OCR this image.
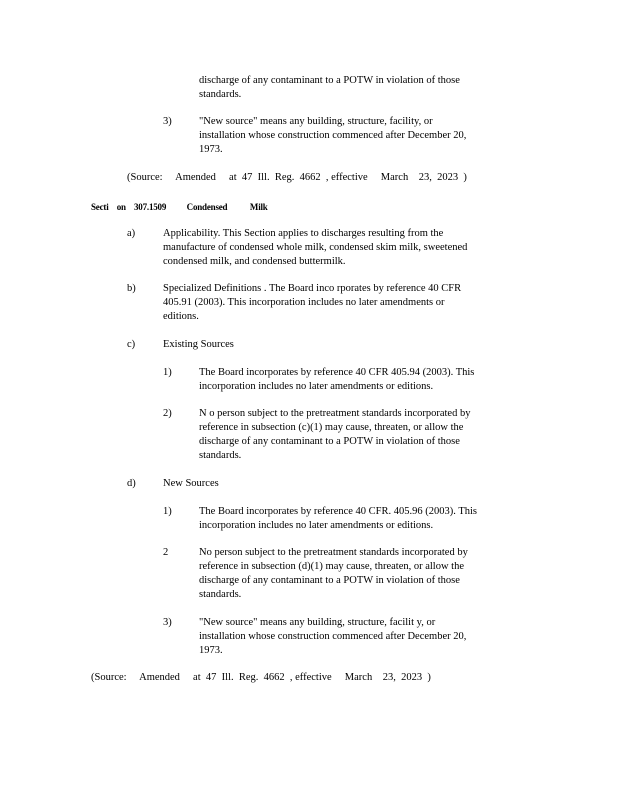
discharge of any contaminant to a POTW in violation of those
standards.
3)	"New source" means any building, structure, facility, or
installation whose construction commenced after December 20,
1973.
(Source:     Amended     at  47  Ill.  Reg.  4662  , effective     March    23,  2023  )
Secti    on    307.1509          Condensed           Milk
a)	Applicability. This Section applies to discharges resulting from the
manufacture of condensed whole milk, condensed skim milk, sweetened
condensed milk, and condensed buttermilk.
b)	Specialized Definitions . The Board inco rporates by reference 40 CFR
405.91 (2003). This incorporation includes no later amendments or
editions.
c)	Existing Sources
1)	The Board incorporates by reference 40 CFR 405.94 (2003). This
incorporation includes no later amendments or editions.
2)	N o person subject to the pretreatment standards incorporated by
reference in subsection (c)(1) may cause, threaten, or allow the
discharge of any contaminant to a POTW in violation of those
standards.
d)	New Sources
1)	The Board incorporates by reference 40 CFR. 405.96 (2003). This
incorporation includes no later amendments or editions.
2	No person subject to the pretreatment standards incorporated by
reference in subsection (d)(1) may cause, threaten, or allow the
discharge of any contaminant to a POTW in violation of those
standards.
3)	"New source" means any building, structure, facilit y, or
installation whose construction commenced after December 20,
1973.
(Source:     Amended     at  47  Ill.  Reg.  4662  , effective     March    23,  2023  )
